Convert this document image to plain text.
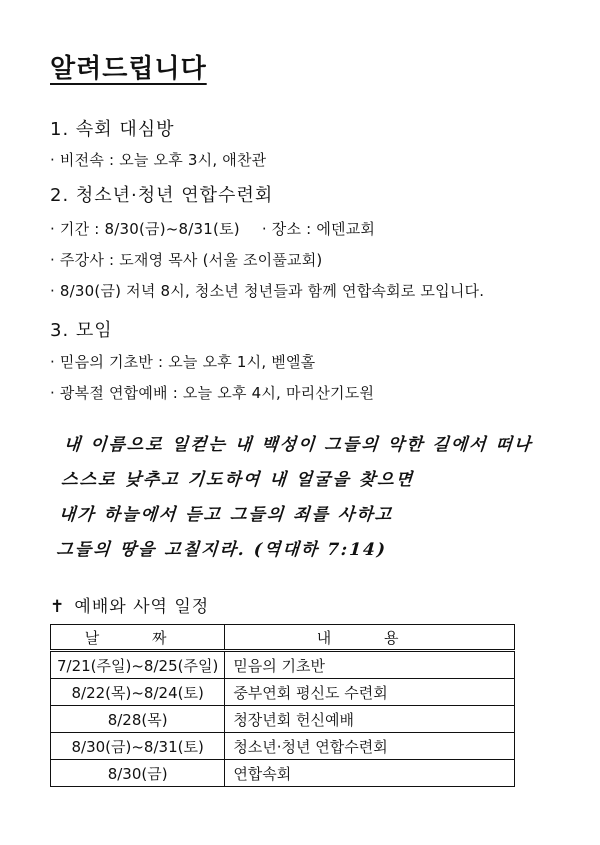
알려드립니다
1. 속회 대심방
· 비전속 : 오늘 오후 3시, 애찬관
2. 청소년·청년 연합수련회
· 기간 : 8/30(금)~8/31(토) · 장소 : 에덴교회
· 주강사 : 도재영 목사 (서울 조이풀교회)
· 8/30(금) 저녁 8시, 청소년 청년들과 함께 연합속회로 모입니다.
3. 모임
· 믿음의 기초반 : 오늘 오후 1시, 벧엘홀
· 광복절 연합예배 : 오늘 오후 4시, 마리산기도원
내 이름으로 일컫는 내 백성이 그들의 악한 길에서 떠나
스스로 낮추고 기도하여 내 얼굴을 찾으면
내가 하늘에서 듣고 그들의 죄를 사하고
그들의 땅을 고칠지라. (역대하 7:14)
✝ 예배와 사역 일정
날 짜	내 용
7/21(주일)~8/25(주일)	믿음의 기초반
8/22(목)~8/24(토)	중부연회 평신도 수련회
8/28(목)	청장년회 헌신예배
8/30(금)~8/31(토)	청소년·청년 연합수련회
8/30(금)	연합속회
